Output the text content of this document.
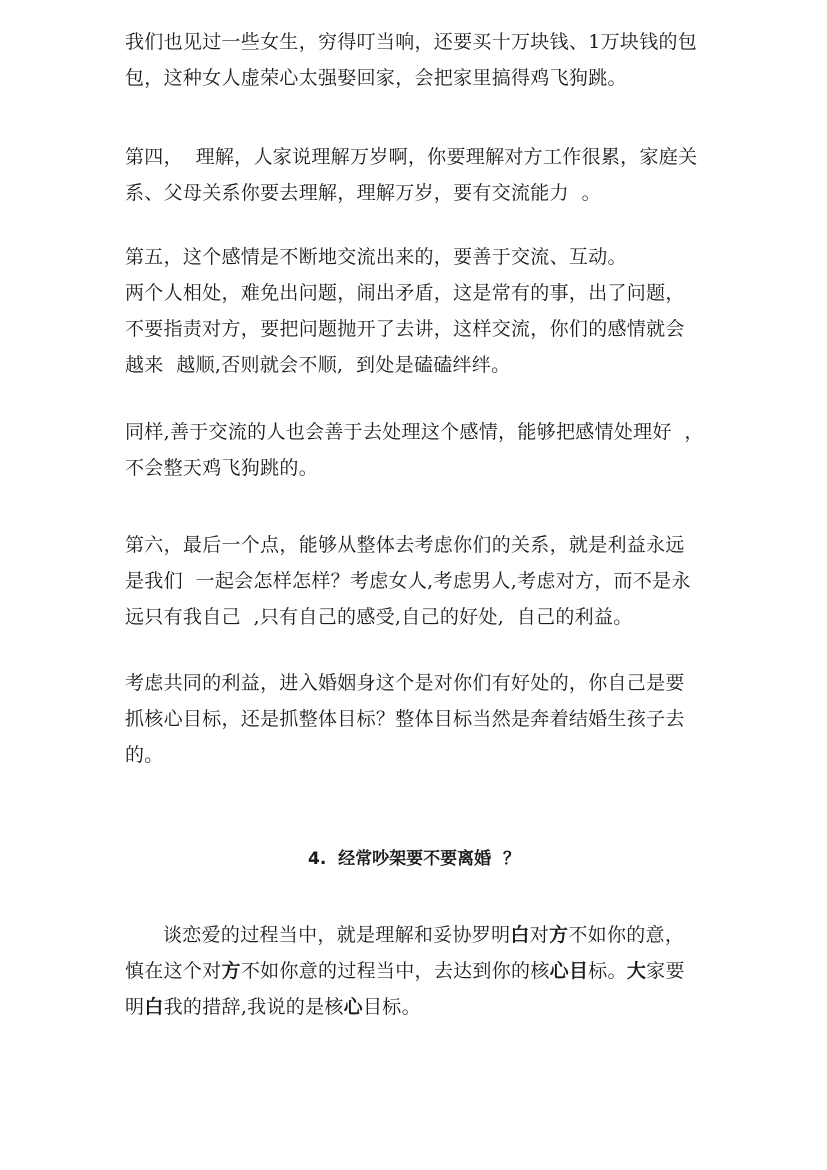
我们也见过一些女生，穷得叮当响，还要买十万块钱、1万块钱的包
包，这种女人虚荣心太强娶回家，会把家里搞得鸡飞狗跳。

第四，  理解，人家说理解万岁啊，你要理解对方工作很累，家庭关
系、父母关系你要去理解，理解万岁，要有交流能力  。

第五，这个感情是不断地交流出来的，要善于交流、互动。
两个人相处，难免出问题，闹出矛盾，这是常有的事，出了问题，
不要指责对方，要把问题抛开了去讲，这样交流，你们的感情就会
越来  越顺,否则就会不顺,  到处是磕磕绊绊。

同样,善于交流的人也会善于去处理这个感情，能够把感情处理好  ，
不会整天鸡飞狗跳的。

第六，最后一个点，能够从整体去考虑你们的关系，就是利益永远
是我们  一起会怎样怎样？考虑女人,考虑男人,考虑对方，而不是永
远只有我自己  ,只有自己的感受,自己的好处,  自己的利益。

考虑共同的利益，进入婚姻身这个是对你们有好处的，你自己是要
抓核心目标，还是抓整体目标？整体目标当然是奔着结婚生孩子去
的。

4.  经常吵架要不要离婚  ？

谈恋爱的过程当中，就是理解和妥协罗明白对方不如你的意，
慎在这个对方不如你意的过程当中，去达到你的核心目标。大家要
明白我的措辞,我说的是核心目标。
